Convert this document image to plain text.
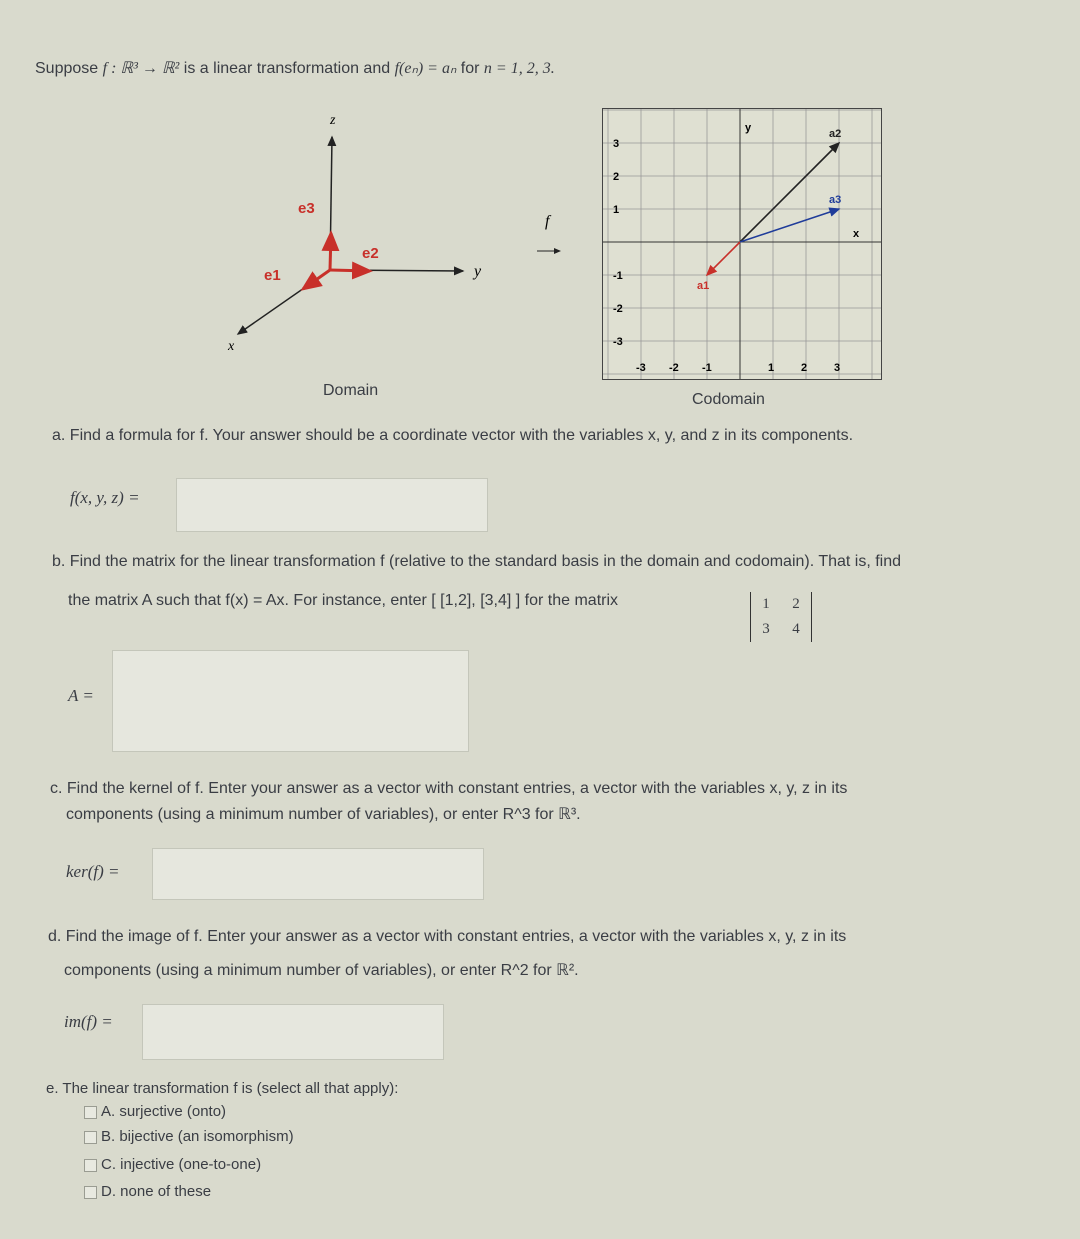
Suppose f : ℝ³ → ℝ² is a linear transformation and f(eₙ) = aₙ for n = 1, 2, 3.
z
y
x
e3
e2
e1
f
Domain
-3 -2 -1	1 2 3
3
2
1
-1
-2
-3
x
y
a1
a2
a3
Codomain
a. Find a formula for f. Your answer should be a coordinate vector with the variables x, y, and z in its components.
f(x, y, z) =
b. Find the matrix for the linear transformation f (relative to the standard basis in the domain and codomain). That is, find
the matrix A such that f(x) = Ax. For instance, enter [ [1,2], [3,4] ] for the matrix	1	2
3	4
A =
c. Find the kernel of f. Enter your answer as a vector with constant entries, a vector with the variables x, y, z in its
components (using a minimum number of variables), or enter R^3 for ℝ³.
ker(f) =
d. Find the image of f. Enter your answer as a vector with constant entries, a vector with the variables x, y, z in its
components (using a minimum number of variables), or enter R^2 for ℝ².
im(f) =
e. The linear transformation f is (select all that apply):
A. surjective (onto)
B. bijective (an isomorphism)
C. injective (one-to-one)
D. none of these
